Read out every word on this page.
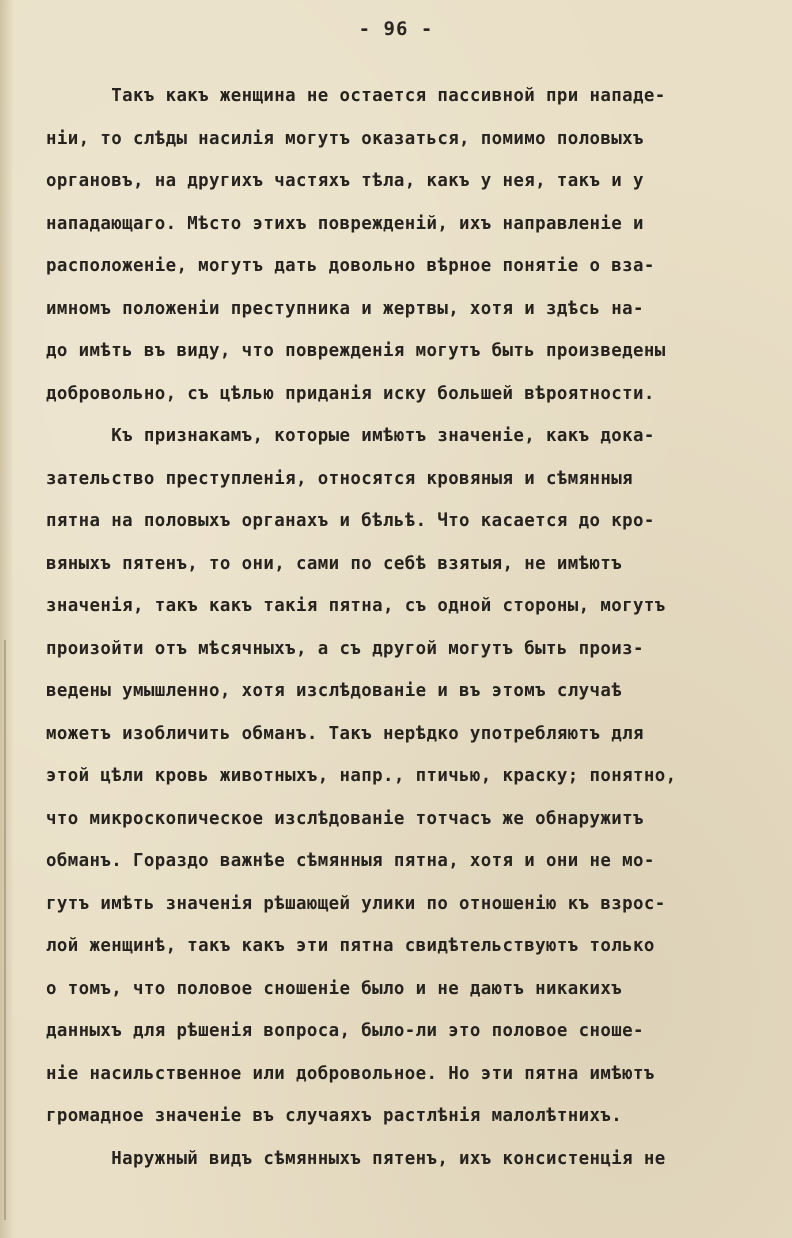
- 96 -
Такъ какъ женщина не остается пассивной при нападе-
нiи, то слѣды насилiя могутъ оказаться, помимо половыхъ
органовъ, на другихъ частяхъ тѣла, какъ у нея, такъ и у
нападающаго. Мѣсто этихъ поврежденiй, ихъ направленiе и
расположенiе, могутъ дать довольно вѣрное понятiе о вза-
имномъ положенiи преступника и жертвы, хотя и здѣсь на-
до имѣть въ виду, что поврежденiя могутъ быть произведены
добровольно, съ цѣлью приданiя иску большей вѣроятности.
Къ признакамъ, которые имѣютъ значенiе, какъ дока-
зательство преступленiя, относятся кровяныя и сѣмянныя
пятна на половыхъ органахъ и бѣльѣ. Что касается до кро-
вяныхъ пятенъ, то они, сами по себѣ взятыя, не имѣютъ
значенiя, такъ какъ такiя пятна, съ одной стороны, могутъ
произойти отъ мѣсячныхъ, а съ другой могутъ быть произ-
ведены умышленно, хотя изслѣдованiе и въ этомъ случаѣ
можетъ изобличить обманъ. Такъ нерѣдко употребляютъ для
этой цѣли кровь животныхъ, напр., птичью, краску; понятно,
что микроскопическое изслѣдованiе тотчасъ же обнаружитъ
обманъ. Гораздо важнѣе сѣмянныя пятна, хотя и они не мо-
гутъ имѣть значенiя рѣшающей улики по отношенiю къ взрос-
лой женщинѣ, такъ какъ эти пятна свидѣтельствуютъ только
о томъ, что половое сношенiе было и не даютъ никакихъ
данныхъ для рѣшенiя вопроса, было-ли это половое сноше-
нiе насильственное или добровольное. Но эти пятна имѣютъ
громадное значенiе въ случаяхъ растлѣнiя малолѣтнихъ.
Наружный видъ сѣмянныхъ пятенъ, ихъ консистенцiя не
